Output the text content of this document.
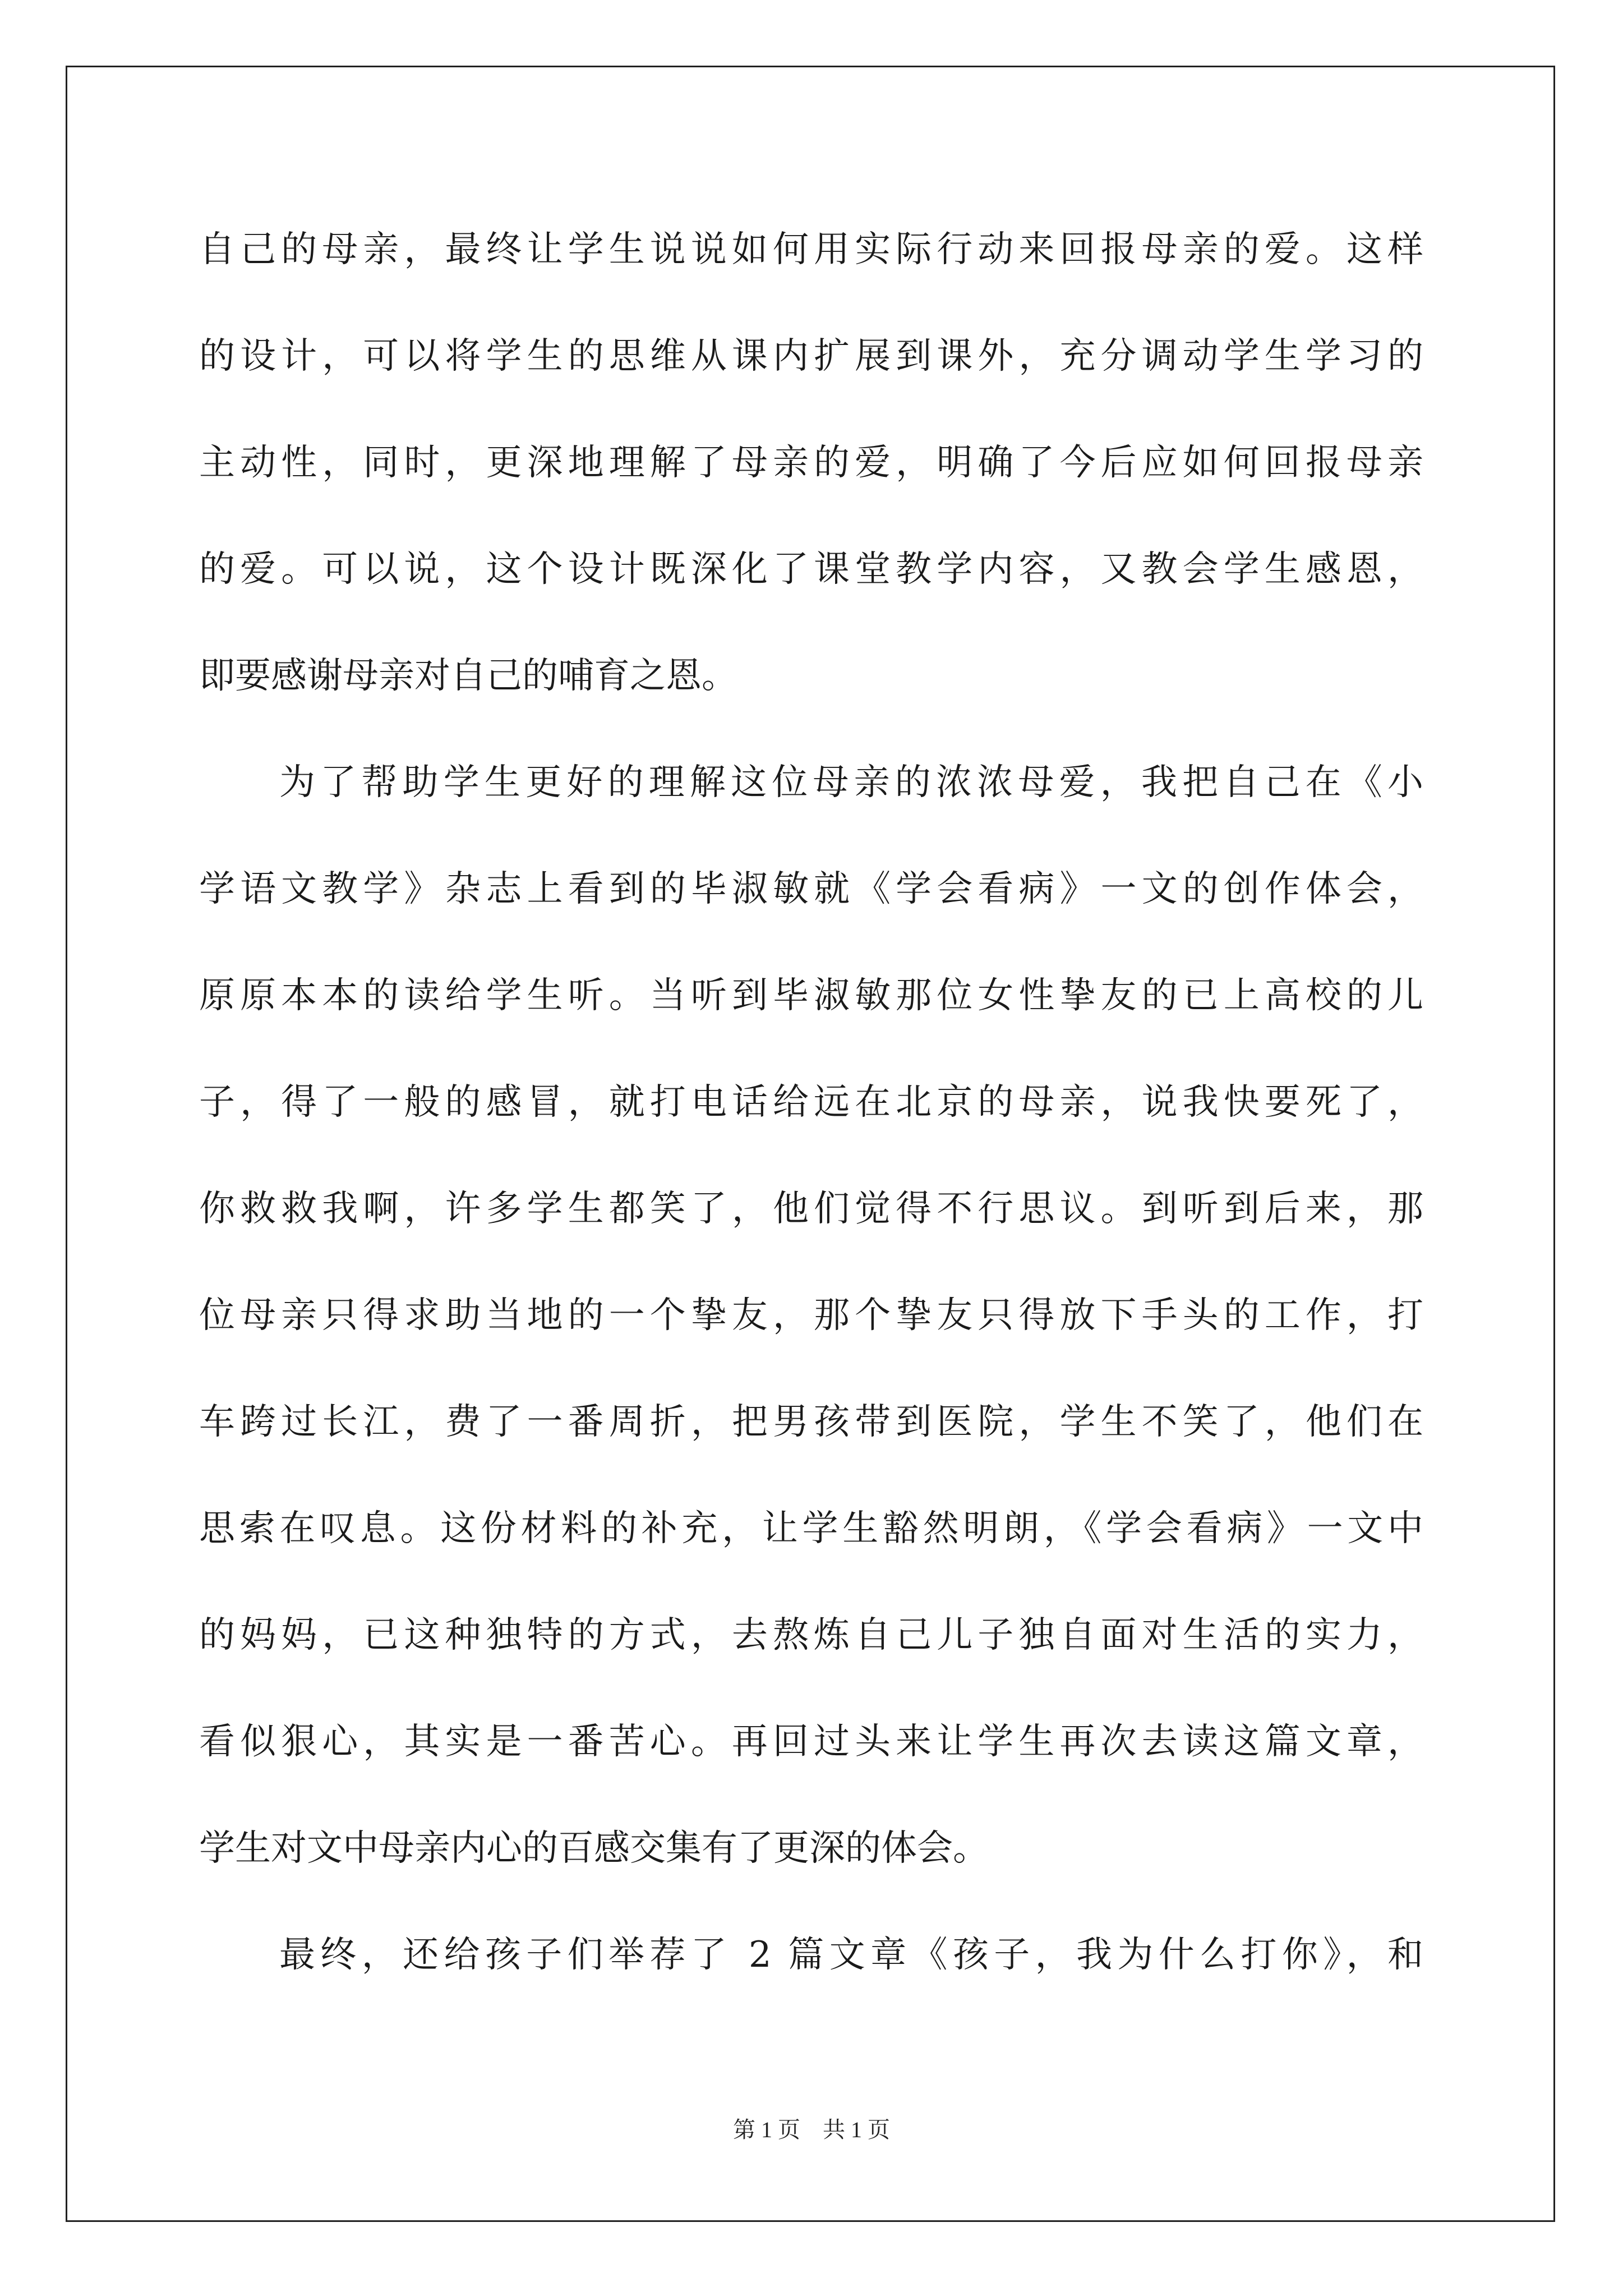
自己的母亲，最终让学生说说如何用实际行动来回报母亲的爱。这样
的设计，可以将学生的思维从课内扩展到课外，充分调动学生学习的
主动性，同时，更深地理解了母亲的爱，明确了今后应如何回报母亲
的爱。可以说，这个设计既深化了课堂教学内容，又教会学生感恩，
即要感谢母亲对自己的哺育之恩。
为了帮助学生更好的理解这位母亲的浓浓母爱，我把自己在《小
学语文教学》杂志上看到的毕淑敏就《学会看病》一文的创作体会，
原原本本的读给学生听。当听到毕淑敏那位女性挚友的已上高校的儿
子，得了一般的感冒，就打电话给远在北京的母亲，说我快要死了，
你救救我啊，许多学生都笑了，他们觉得不行思议。到听到后来，那
位母亲只得求助当地的一个挚友，那个挚友只得放下手头的工作，打
车跨过长江，费了一番周折，把男孩带到医院，学生不笑了，他们在
思索在叹息。这份材料的补充，让学生豁然明朗，《学会看病》一文中
的妈妈，已这种独特的方式，去熬炼自己儿子独自面对生活的实力，
看似狠心，其实是一番苦心。再回过头来让学生再次去读这篇文章，
学生对文中母亲内心的百感交集有了更深的体会。
最终，还给孩子们举荐了 2 篇文章《孩子，我为什么打你》，和
第 1 页    共 1 页
